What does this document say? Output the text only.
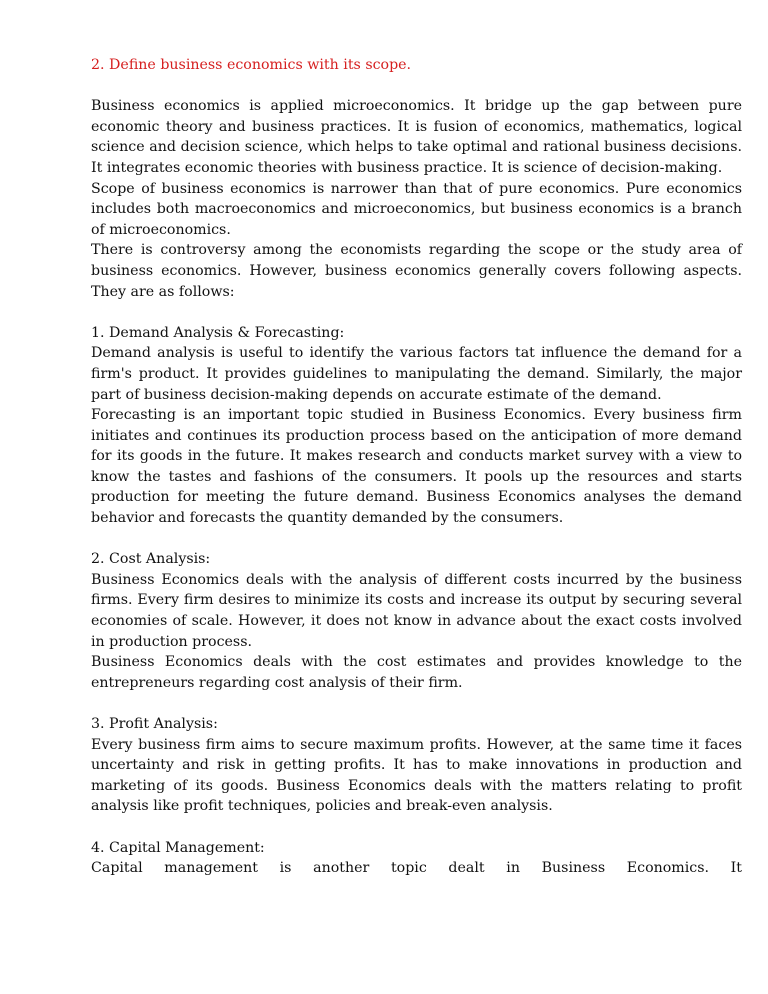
2. Define business economics with its scope.

Business economics is applied microeconomics. It bridge up the gap between pure economic theory and business practices. It is fusion of economics, mathematics, logical science and decision science, which helps to take optimal and rational business decisions. It integrates economic theories with business practice. It is science of decision-making.

Scope of business economics is narrower than that of pure economics. Pure economics includes both macroeconomics and microeconomics, but business economics is a branch of microeconomics.

There is controversy among the economists regarding the scope or the study area of business economics. However, business economics generally covers following aspects. They are as follows:

1. Demand Analysis & Forecasting:

Demand analysis is useful to identify the various factors tat influence the demand for a firm's product. It provides guidelines to manipulating the demand. Similarly, the major part of business decision-making depends on accurate estimate of the demand.

Forecasting is an important topic studied in Business Economics. Every business firm initiates and continues its production process based on the anticipation of more demand for its goods in the future. It makes research and conducts market survey with a view to know the tastes and fashions of the consumers. It pools up the resources and starts production for meeting the future demand. Business Economics analyses the demand behavior and forecasts the quantity demanded by the consumers.

2. Cost Analysis:

Business Economics deals with the analysis of different costs incurred by the business firms. Every firm desires to minimize its costs and increase its output by securing several economies of scale. However, it does not know in advance about the exact costs involved in production process.

Business Economics deals with the cost estimates and provides knowledge to the entrepreneurs regarding cost analysis of their firm.

3. Profit Analysis:

Every business firm aims to secure maximum profits. However, at the same time it faces uncertainty and risk in getting profits. It has to make innovations in production and marketing of its goods. Business Economics deals with the matters relating to profit analysis like profit techniques, policies and break-even analysis.

4. Capital Management:

Capital management is another topic dealt in Business Economics. It
